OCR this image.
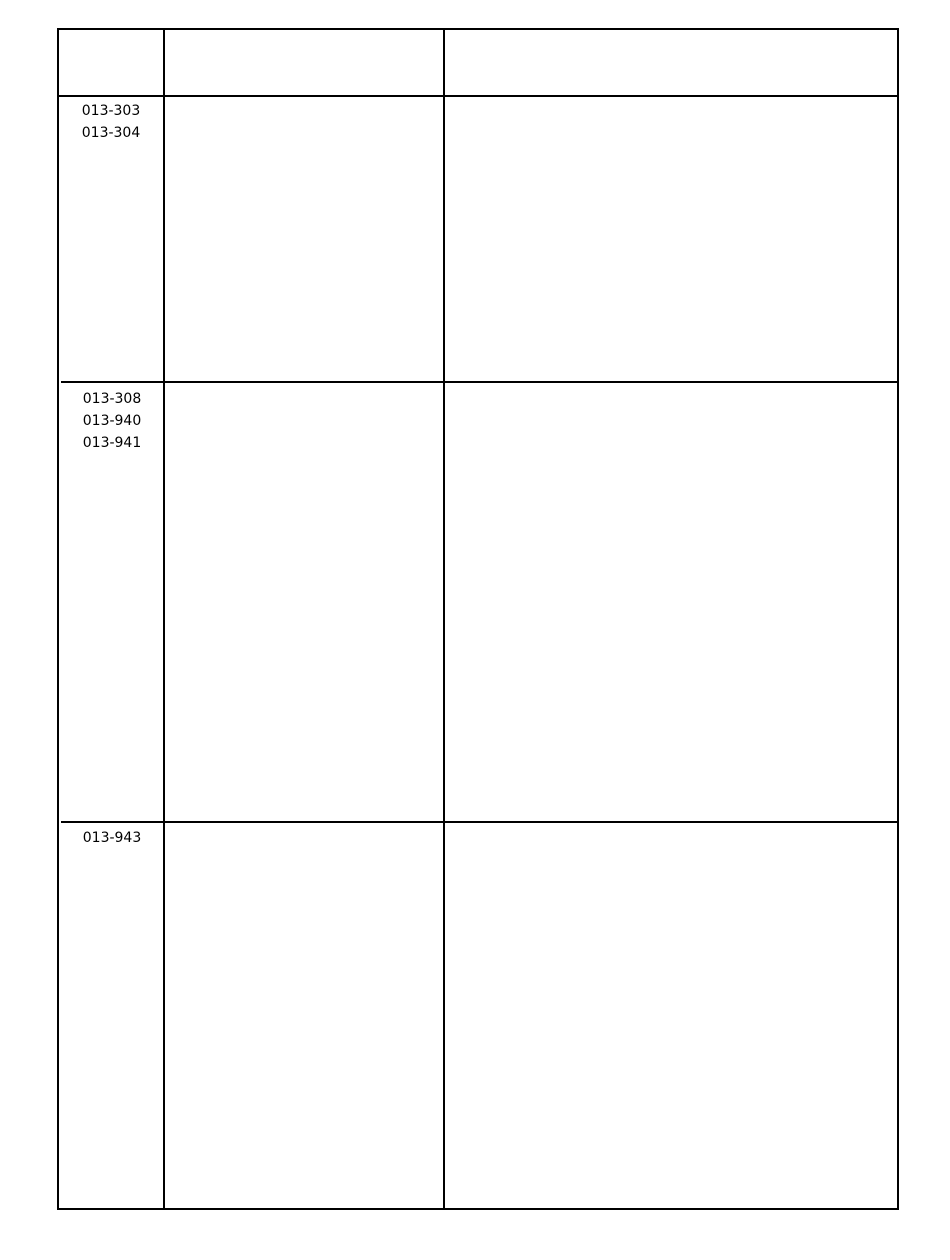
013-303
013-304
013-308
013-940
013-941
013-943
